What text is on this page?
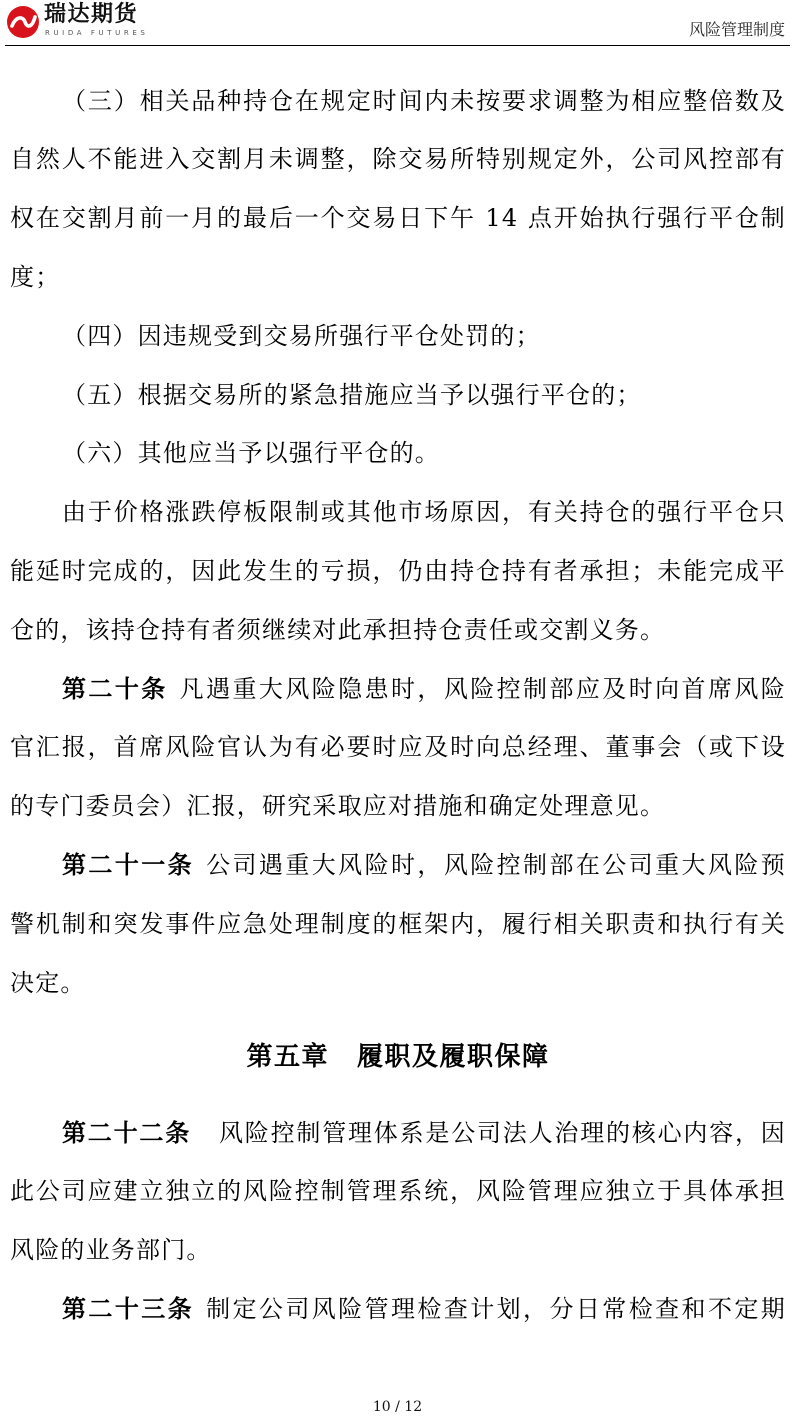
瑞达期货
RUIDA FUTURES	风险管理制度
（三）相关品种持仓在规定时间内未按要求调整为相应整倍数及
自然人不能进入交割月未调整，除交易所特别规定外，公司风控部有
权在交割月前一月的最后一个交易日下午 14 点开始执行强行平仓制
度；
（四）因违规受到交易所强行平仓处罚的；
（五）根据交易所的紧急措施应当予以强行平仓的；
（六）其他应当予以强行平仓的。
由于价格涨跌停板限制或其他市场原因，有关持仓的强行平仓只
能延时完成的，因此发生的亏损，仍由持仓持有者承担；未能完成平
仓的，该持仓持有者须继续对此承担持仓责任或交割义务。
第二十条 凡遇重大风险隐患时，风险控制部应及时向首席风险
官汇报，首席风险官认为有必要时应及时向总经理、董事会（或下设
的专门委员会）汇报，研究采取应对措施和确定处理意见。
第二十一条 公司遇重大风险时，风险控制部在公司重大风险预
警机制和突发事件应急处理制度的框架内，履行相关职责和执行有关
决定。
第五章 履职及履职保障
第二十二条 风险控制管理体系是公司法人治理的核心内容，因
此公司应建立独立的风险控制管理系统，风险管理应独立于具体承担
风险的业务部门。
第二十三条 制定公司风险管理检查计划，分日常检查和不定期
10 / 12
